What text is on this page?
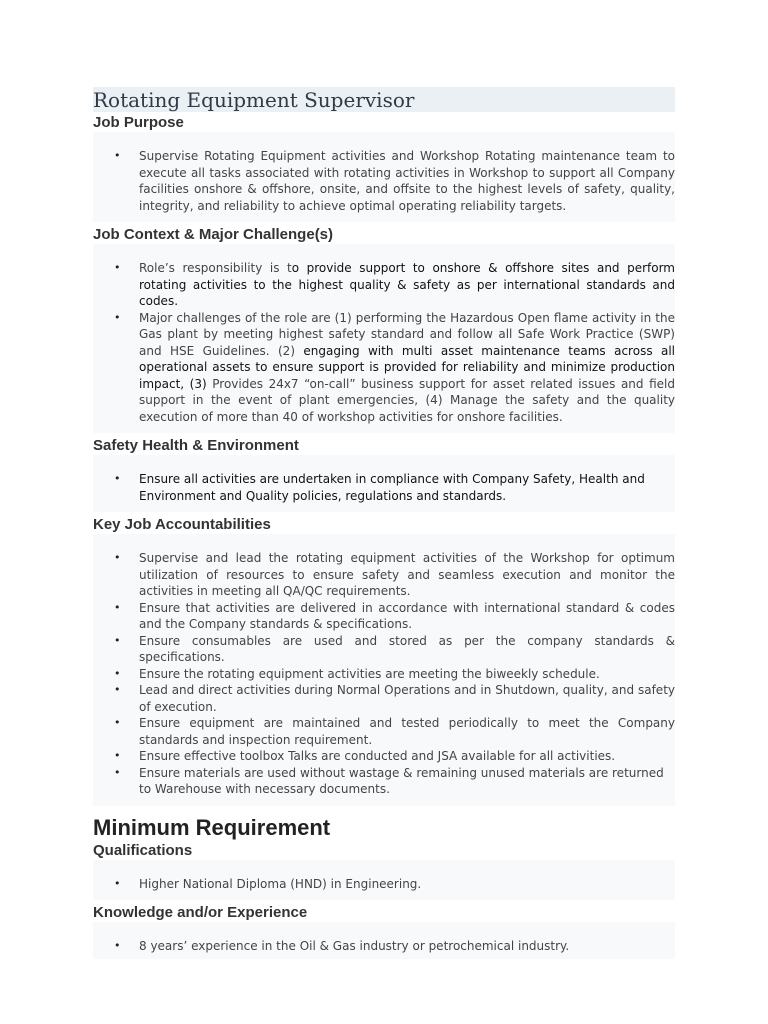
Rotating Equipment Supervisor
Job Purpose
• Supervise Rotating Equipment activities and Workshop Rotating maintenance team to execute all tasks associated with rotating activities in Workshop to support all Company facilities onshore & offshore, onsite, and offsite to the highest levels of safety, quality, integrity, and reliability to achieve optimal operating reliability targets.
Job Context & Major Challenge(s)
• Role’s responsibility is to provide support to onshore & offshore sites and perform rotating activities to the highest quality & safety as per international standards and codes.
• Major challenges of the role are (1) performing the Hazardous Open flame activity in the Gas plant by meeting highest safety standard and follow all Safe Work Practice (SWP) and HSE Guidelines. (2) engaging with multi asset maintenance teams across all operational assets to ensure support is provided for reliability and minimize production impact, (3) Provides 24x7 “on-call” business support for asset related issues and field support in the event of plant emergencies, (4) Manage the safety and the quality execution of more than 40 of workshop activities for onshore facilities.
Safety Health & Environment
• Ensure all activities are undertaken in compliance with Company Safety, Health and Environment and Quality policies, regulations and standards.
Key Job Accountabilities
• Supervise and lead the rotating equipment activities of the Workshop for optimum utilization of resources to ensure safety and seamless execution and monitor the activities in meeting all QA/QC requirements.
• Ensure that activities are delivered in accordance with international standard & codes and the Company standards & specifications.
• Ensure consumables are used and stored as per the company standards & specifications.
• Ensure the rotating equipment activities are meeting the biweekly schedule.
• Lead and direct activities during Normal Operations and in Shutdown, quality, and safety of execution.
• Ensure equipment are maintained and tested periodically to meet the Company standards and inspection requirement.
• Ensure effective toolbox Talks are conducted and JSA available for all activities.
• Ensure materials are used without wastage & remaining unused materials are returned to Warehouse with necessary documents.
Minimum Requirement
Qualifications
• Higher National Diploma (HND) in Engineering.
Knowledge and/or Experience
• 8 years’ experience in the Oil & Gas industry or petrochemical industry.
